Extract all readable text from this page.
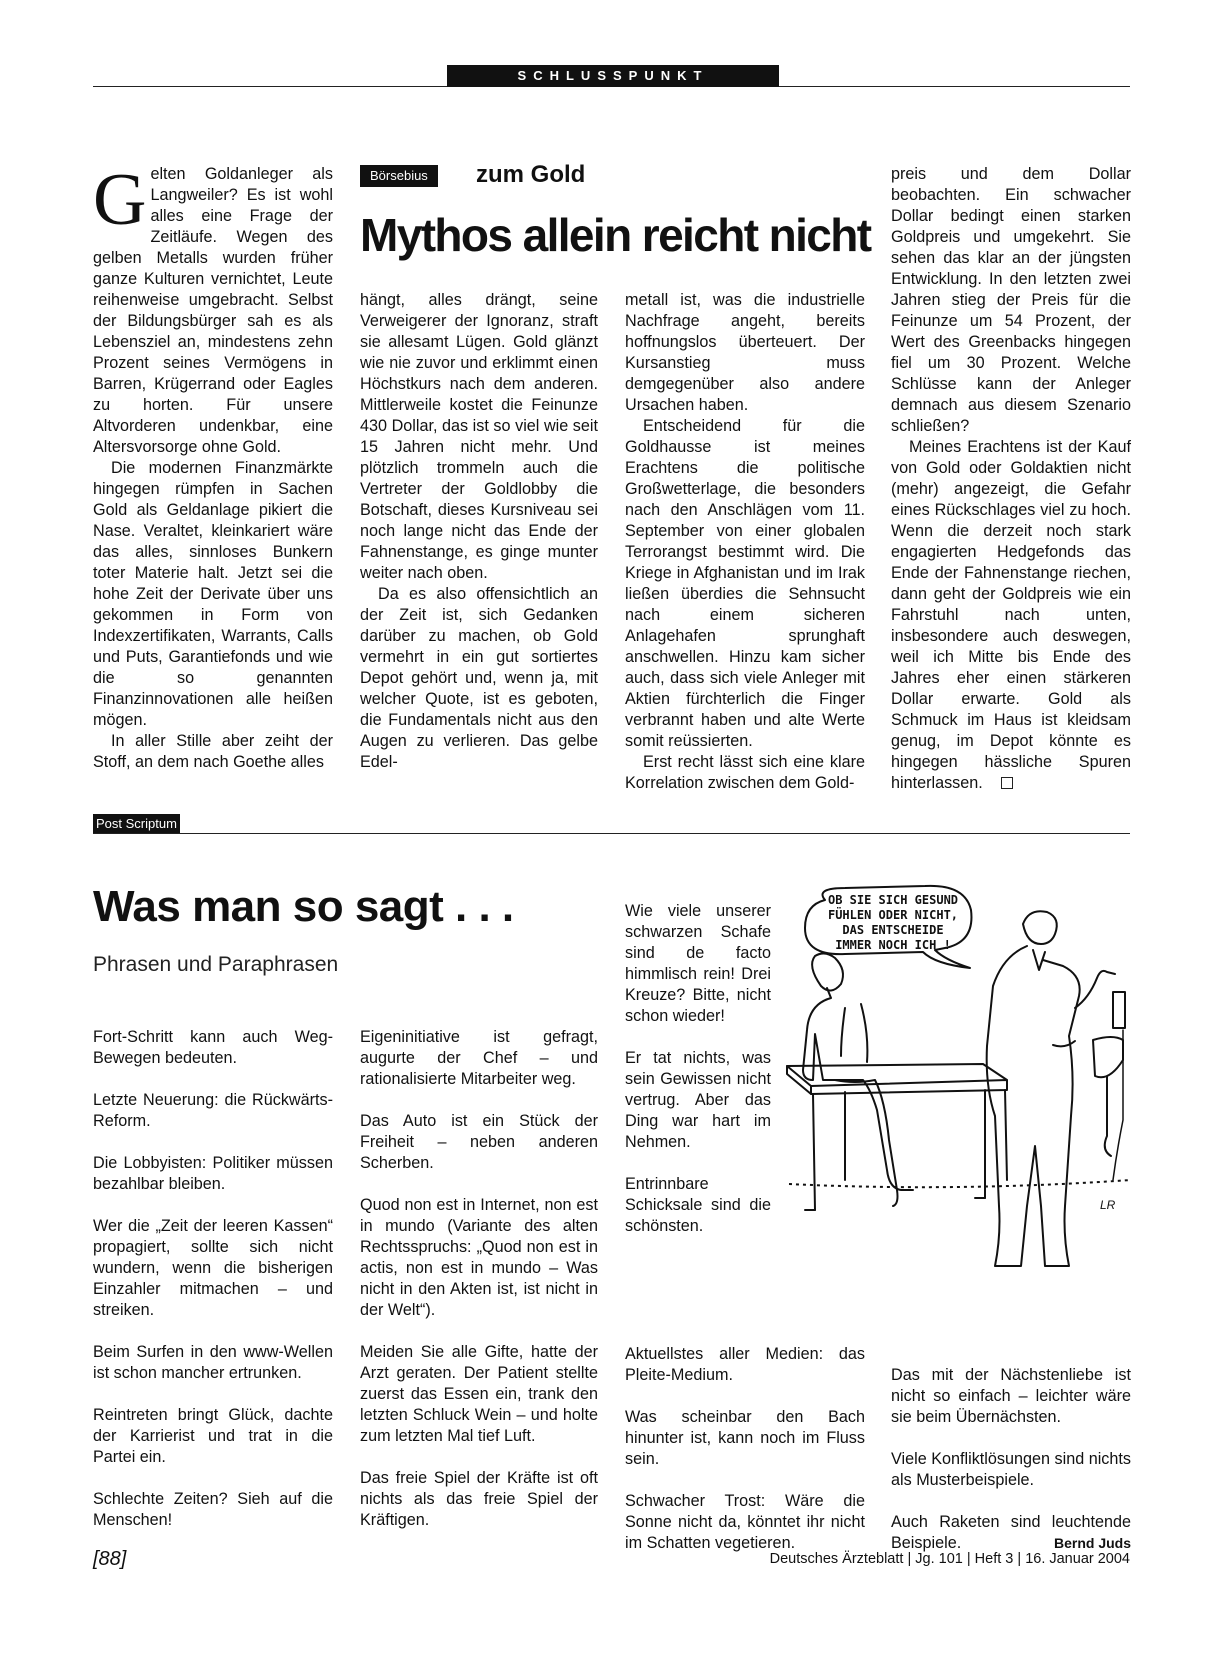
SCHLUSSPUNKT
Gelten Goldanleger als Langweiler? Es ist wohl alles eine Frage der Zeitläufe. Wegen des gelben Metalls wurden früher ganze Kulturen vernichtet, Leute reihenweise umgebracht. Selbst der Bildungsbürger sah es als Lebensziel an, mindestens zehn Prozent seines Vermögens in Barren, Krügerrand oder Eagles zu horten. Für unsere Altvorderen undenkbar, eine Altersvorsorge ohne Gold.
Die modernen Finanzmärkte hingegen rümpfen in Sachen Gold als Geldanlage pikiert die Nase. Veraltet, kleinkariert wäre das alles, sinnloses Bunkern toter Materie halt. Jetzt sei die hohe Zeit der Derivate über uns gekommen in Form von Indexzertifikaten, Warrants, Calls und Puts, Garantiefonds und wie die so genannten Finanzinnovationen alle heißen mögen.
In aller Stille aber zeiht der Stoff, an dem nach Goethe alles
Börsebius	zum Gold
Mythos allein reicht nicht
hängt, alles drängt, seine Verweigerer der Ignoranz, straft sie allesamt Lügen. Gold glänzt wie nie zuvor und erklimmt einen Höchstkurs nach dem anderen. Mittlerweile kostet die Feinunze 430 Dollar, das ist so viel wie seit 15 Jahren nicht mehr. Und plötzlich trommeln auch die Vertreter der Goldlobby die Botschaft, dieses Kursniveau sei noch lange nicht das Ende der Fahnenstange, es ginge munter weiter nach oben.
Da es also offensichtlich an der Zeit ist, sich Gedanken darüber zu machen, ob Gold vermehrt in ein gut sortiertes Depot gehört und, wenn ja, mit welcher Quote, ist es geboten, die Fundamentals nicht aus den Augen zu verlieren. Das gelbe Edel-
metall ist, was die industrielle Nachfrage angeht, bereits hoffnungslos überteuert. Der Kursanstieg muss demgegenüber also andere Ursachen haben.
Entscheidend für die Goldhausse ist meines Erachtens die politische Großwetterlage, die besonders nach den Anschlägen vom 11. September von einer globalen Terrorangst bestimmt wird. Die Kriege in Afghanistan und im Irak ließen überdies die Sehnsucht nach einem sicheren Anlagehafen sprunghaft anschwellen. Hinzu kam sicher auch, dass sich viele Anleger mit Aktien fürchterlich die Finger verbrannt haben und alte Werte somit reüssierten.
Erst recht lässt sich eine klare Korrelation zwischen dem Gold-
preis und dem Dollar beobachten. Ein schwacher Dollar bedingt einen starken Goldpreis und umgekehrt. Sie sehen das klar an der jüngsten Entwicklung. In den letzten zwei Jahren stieg der Preis für die Feinunze um 54 Prozent, der Wert des Greenbacks hingegen fiel um 30 Prozent. Welche Schlüsse kann der Anleger demnach aus diesem Szenario schließen?
Meines Erachtens ist der Kauf von Gold oder Goldaktien nicht (mehr) angezeigt, die Gefahr eines Rückschlages viel zu hoch. Wenn die derzeit noch stark engagierten Hedgefonds das Ende der Fahnenstange riechen, dann geht der Goldpreis wie ein Fahrstuhl nach unten, insbesondere auch deswegen, weil ich Mitte bis Ende des Jahres eher einen stärkeren Dollar erwarte. Gold als Schmuck im Haus ist kleidsam genug, im Depot könnte es hingegen hässliche Spuren hinterlassen.
Post Scriptum
Was man so sagt . . .
Phrasen und Paraphrasen
Fort-Schritt kann auch Weg-Bewegen bedeuten.
Letzte Neuerung: die Rückwärts-Reform.
Die Lobbyisten: Politiker müssen bezahlbar bleiben.
Wer die „Zeit der leeren Kassen“ propagiert, sollte sich nicht wundern, wenn die bisherigen Einzahler mitmachen – und streiken.
Beim Surfen in den www-Wellen ist schon mancher ertrunken.
Reintreten bringt Glück, dachte der Karrierist und trat in die Partei ein.
Schlechte Zeiten? Sieh auf die Menschen!
Eigeninitiative ist gefragt, augurte der Chef – und rationalisierte Mitarbeiter weg.
Das Auto ist ein Stück der Freiheit – neben anderen Scherben.
Quod non est in Internet, non est in mundo (Variante des alten Rechtsspruchs: „Quod non est in actis, non est in mundo – Was nicht in den Akten ist, ist nicht in der Welt“).
Meiden Sie alle Gifte, hatte der Arzt geraten. Der Patient stellte zuerst das Essen ein, trank den letzten Schluck Wein – und holte zum letzten Mal tief Luft.
Das freie Spiel der Kräfte ist oft nichts als das freie Spiel der Kräftigen.
Wie viele unserer schwarzen Schafe sind de facto himmlisch rein! Drei Kreuze? Bitte, nicht schon wieder!
Er tat nichts, was sein Gewissen nicht vertrug. Aber das Ding war hart im Nehmen.
Entrinnbare Schicksale sind die schönsten.
Aktuellstes aller Medien: das Pleite-Medium.
Was scheinbar den Bach hinunter ist, kann noch im Fluss sein.
Schwacher Trost: Wäre die Sonne nicht da, könntet ihr nicht im Schatten vegetieren.
Das mit der Nächstenliebe ist nicht so einfach – leichter wäre sie beim Übernächsten.
Viele Konfliktlösungen sind nichts als Musterbeispiele.
Auch Raketen sind leuchtende Beispiele.	Bernd Juds
OB SIE SICH GESUND
FÜHLEN ODER NICHT,
DAS ENTSCHEIDE
IMMER NOCH ICH !
LR
[88]	Deutsches Ärzteblatt | Jg. 101 | Heft 3 | 16. Januar 2004
